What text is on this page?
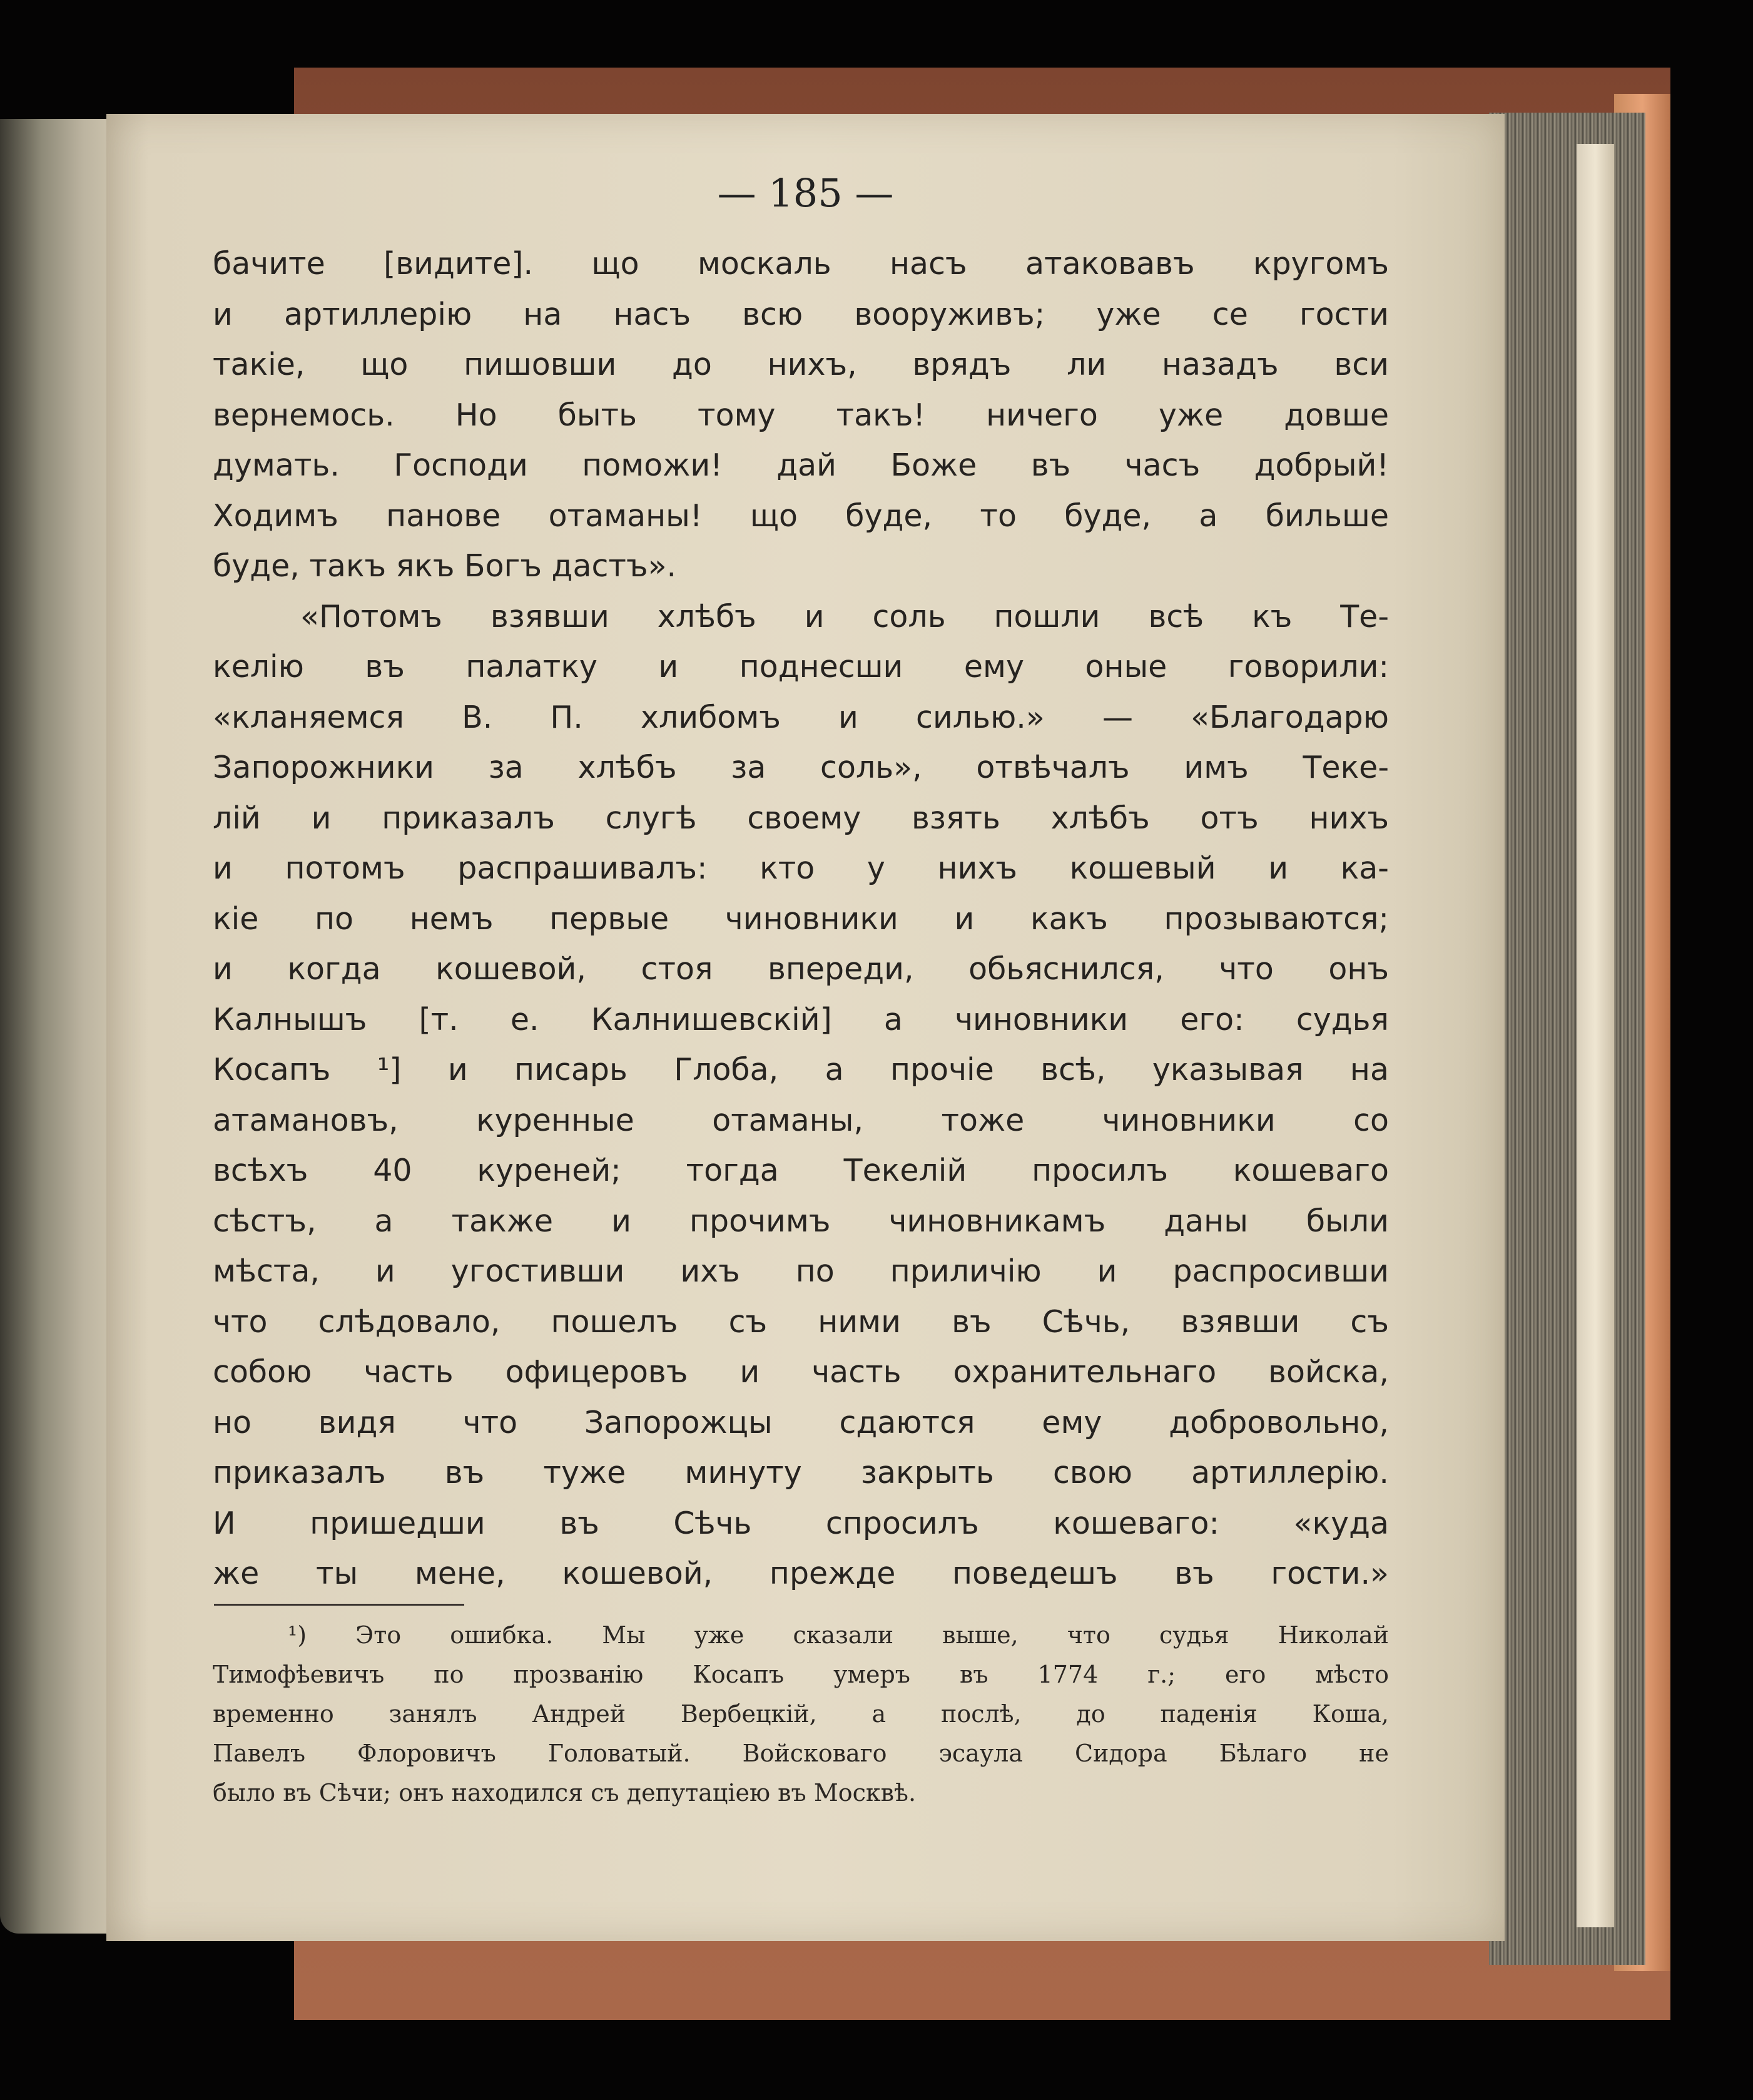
— 185 —
бачите [видите]. що москаль насъ атаковавъ кругомъ
и артиллерію на насъ всю вооруживъ; уже се гости
такіе, що пишовши до нихъ, врядъ ли назадъ вси
вернемось. Но быть тому такъ! ничего уже довше
думать. Господи поможи! дай Боже въ часъ добрый!
Ходимъ панове отаманы! що буде, то буде, а бильше
буде, такъ якъ Богъ дастъ».
«Потомъ взявши хлѣбъ и соль пошли всѣ къ Те-
келію въ палатку и поднесши ему оные говорили:
«кланяемся В. П. хлибомъ и силью.» — «Благодарю
Запорожники за хлѣбъ за соль», отвѣчалъ имъ Теке-
лій и приказалъ слугѣ своему взять хлѣбъ отъ нихъ
и потомъ распрашивалъ: кто у нихъ кошевый и ка-
кіе по немъ первые чиновники и какъ прозываются;
и когда кошевой, стоя впереди, обьяснился, что онъ
Калнышъ [т. е. Калнишевскій] а чиновники его: судья
Косапъ ¹] и писарь Глоба, а прочіе всѣ, указывая на
атамановъ, куренные отаманы, тоже чиновники со
всѣхъ 40 куреней; тогда Текелій просилъ кошеваго
сѣстъ, а также и прочимъ чиновникамъ даны были
мѣста, и угостивши ихъ по приличію и распросивши
что слѣдовало, пошелъ съ ними въ Сѣчь, взявши съ
собою часть офицеровъ и часть охранительнаго войска,
но видя что Запорожцы сдаются ему добровольно,
приказалъ въ туже минуту закрыть свою артиллерію.
И пришедши въ Сѣчь спросилъ кошеваго: «куда
же ты мене, кошевой, прежде поведешъ въ гости.»
¹) Это ошибка. Мы уже сказали выше, что судья Николай
Тимофѣевичъ по прозванію Косапъ умеръ въ 1774 г.; его мѣсто
временно занялъ Андрей Вербецкій, а послѣ, до паденія Коша,
Павелъ Флоровичъ Головатый. Войсковаго эсаула Сидора Бѣлаго не
было въ Сѣчи; онъ находился съ депутаціею въ Москвѣ.
